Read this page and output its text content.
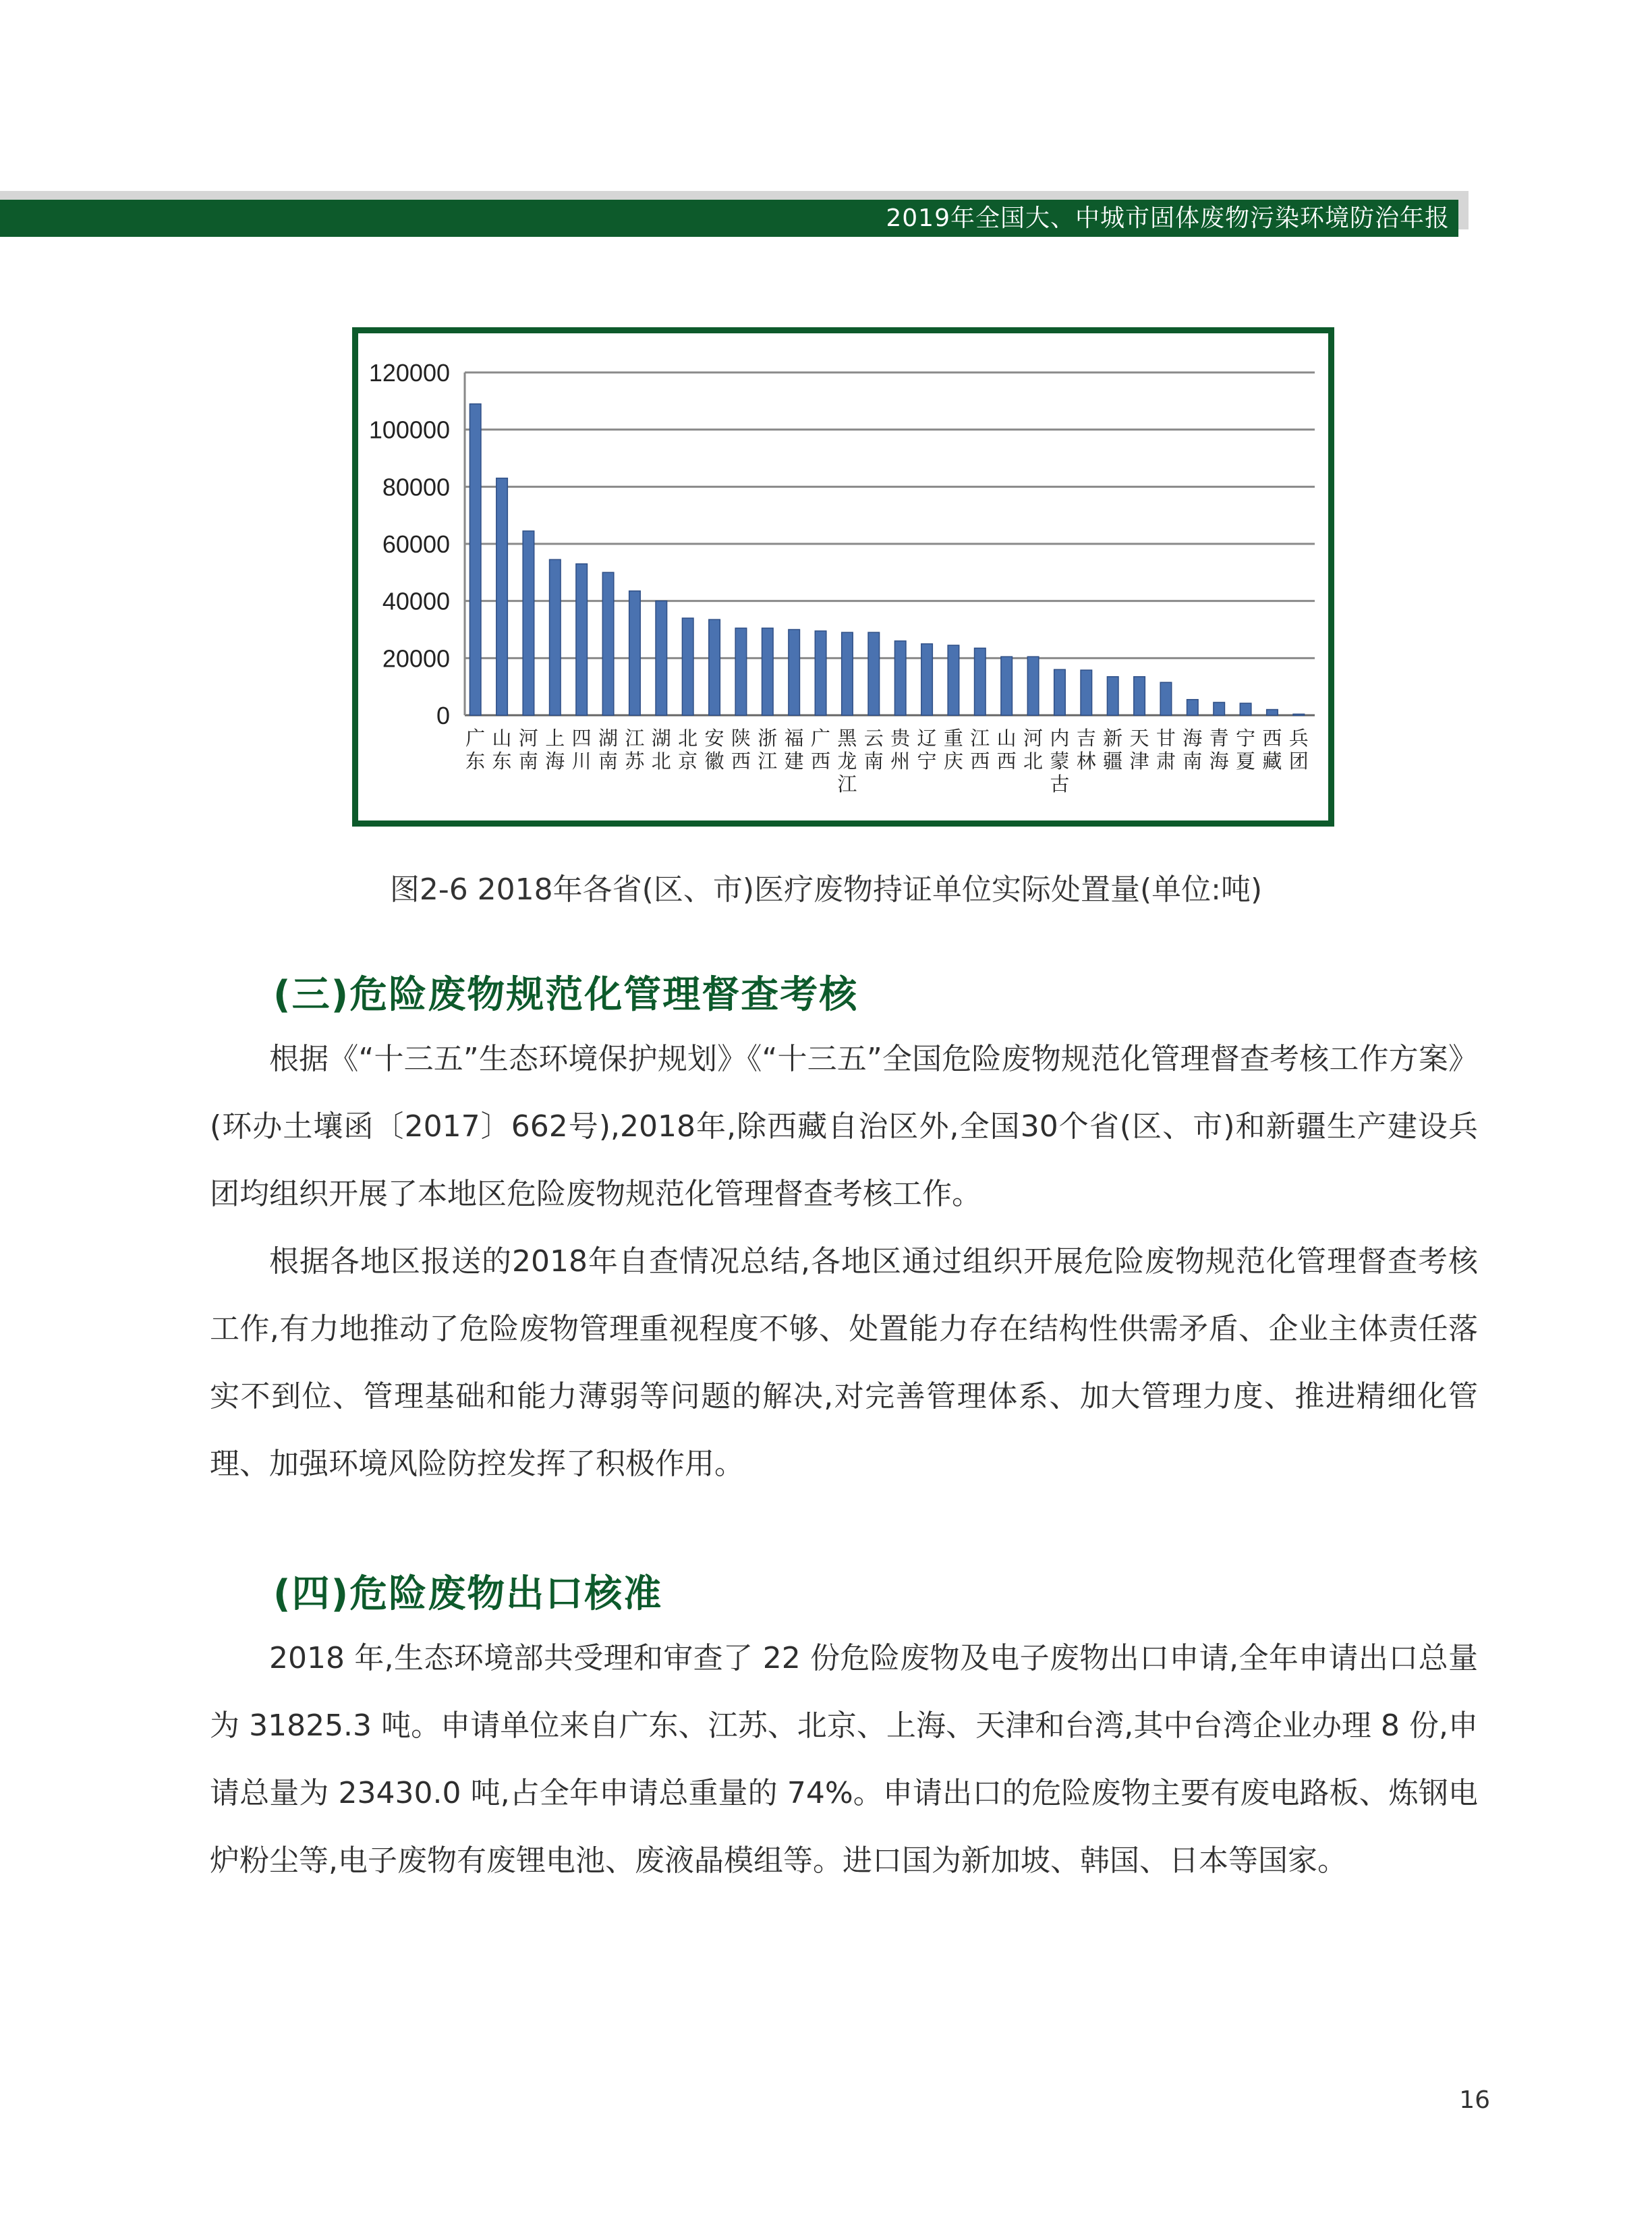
2019年全国大、中城市固体废物污染环境防治年报
0
20000
40000
60000
80000
100000
120000
广
东
山
东
河
南
上
海
四
川
湖
南
江
苏
湖
北
北
京
安
徽
陕
西
浙
江
福
建
广
西
黑
龙
江
云
南
贵
州
辽
宁
重
庆
江
西
山
西
河
北
内
蒙
古
吉
林
新
疆
天
津
甘
肃
海
南
青
海
宁
夏
西
藏
兵
团
图2-6 2018年各省(区、市)医疗废物持证单位实际处置量(单位:吨)
(三)危险废物规范化管理督查考核

根据《“十三五”生态环境保护规划》《“十三五”全国危险废物规范化管理督查考核工作方案》(环办土壤函〔2017〕662号),2018年,除西藏自治区外,全国30个省(区、市)和新疆生产建设兵团均组织开展了本地区危险废物规范化管理督查考核工作。

根据各地区报送的2018年自查情况总结,各地区通过组织开展危险废物规范化管理督查考核工作,有力地推动了危险废物管理重视程度不够、处置能力存在结构性供需矛盾、企业主体责任落实不到位、管理基础和能力薄弱等问题的解决,对完善管理体系、加大管理力度、推进精细化管理、加强环境风险防控发挥了积极作用。

(四)危险废物出口核准

2018 年,生态环境部共受理和审查了 22 份危险废物及电子废物出口申请,全年申请出口总量为 31825.3 吨。申请单位来自广东、江苏、北京、上海、天津和台湾,其中台湾企业办理 8 份,申请总量为 23430.0 吨,占全年申请总重量的 74%。申请出口的危险废物主要有废电路板、炼钢电炉粉尘等,电子废物有废锂电池、废液晶模组等。进口国为新加坡、韩国、日本等国家。

16
